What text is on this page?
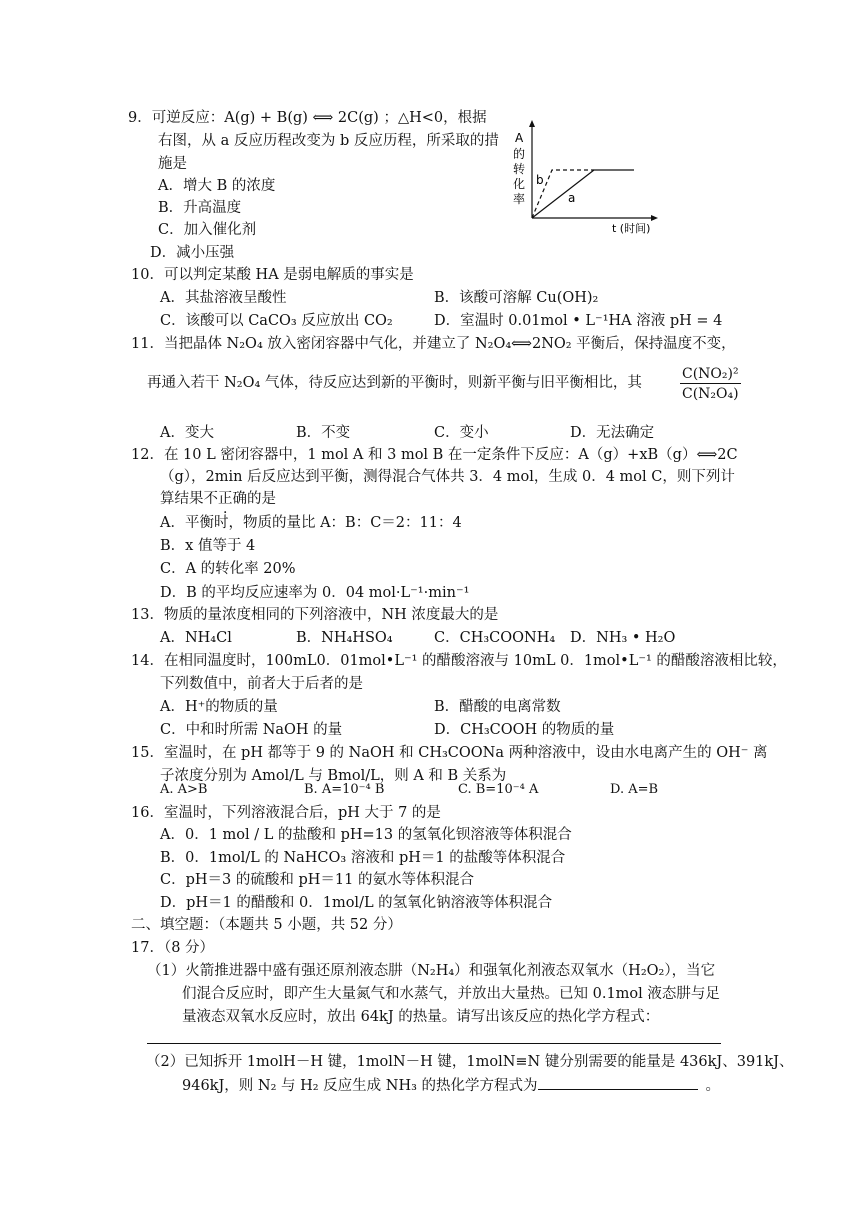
9．可逆反应：A(g) + B(g) ⟺ 2C(g) ；△H<0，根据
右图，从 a 反应历程改变为 b 反应历程，所采取的措
施是
A．增大 B 的浓度
B．升高温度
C．加入催化剂
D．减小压强
A
的
转
化
率
b
a
t (时间)
10．可以判定某酸 HA 是弱电解质的事实是
A．其盐溶液呈酸性	B．该酸可溶解 Cu(OH)₂
C．该酸可以 CaCO₃ 反应放出 CO₂	D．室温时 0.01mol • L⁻¹HA 溶液 pH = 4
11．当把晶体 N₂O₄ 放入密闭容器中气化，并建立了 N₂O₄⟺2NO₂ 平衡后，保持温度不变，
再通入若干 N₂O₄ 气体，待反应达到新的平衡时，则新平衡与旧平衡相比，其	$\frac{\text{C(NO₂)²}}{\text{C(N₂O₄)}}$
A．变大	B．不变	C．变小	D．无法确定
12．在 10 L 密闭容器中，1 mol A 和 3 mol B 在一定条件下反应：A（g）+xB（g）⟺2C
（g），2min 后反应达到平衡，测得混合气体共 3．4 mol，生成 0．4 mol C，则下列计
算结果不正确的是
A．平衡时，物质的量比 A：B：C＝2：11：4
B．x 值等于 4
C．A 的转化率 20%
D．B 的平均反应速率为 0．04 mol·L⁻¹·min⁻¹
13．物质的量浓度相同的下列溶液中，NH 浓度最大的是
A．NH₄Cl	B．NH₄HSO₄	C．CH₃COONH₄ D．NH₃ • H₂O
14．在相同温度时，100mL0．01mol•L⁻¹ 的醋酸溶液与 10mL 0．1mol•L⁻¹ 的醋酸溶液相比较，
下列数值中，前者大于后者的是
A．H⁺的物质的量	B．醋酸的电离常数
C．中和时所需 NaOH 的量	D．CH₃COOH 的物质的量
15．室温时，在 pH 都等于 9 的 NaOH 和 CH₃COONa 两种溶液中，设由水电离产生的 OH⁻ 离
子浓度分别为 Amol/L 与 Bmol/L，则 A 和 B 关系为
A. A>B	B. A=10⁻⁴ B	C. B=10⁻⁴ A	D. A=B
16．室温时，下列溶液混合后，pH 大于 7 的是
A．0．1 mol / L 的盐酸和 pH=13 的氢氧化钡溶液等体积混合
B．0．1mol/L 的 NaHCO₃ 溶液和 pH＝1 的盐酸等体积混合
C．pH＝3 的硫酸和 pH＝11 的氨水等体积混合
D．pH＝1 的醋酸和 0．1mol/L 的氢氧化钠溶液等体积混合
二、填空题：（本题共 5 小题，共 52 分）
17．（8 分）
（1）火箭推进器中盛有强还原剂液态肼（N₂H₄）和强氧化剂液态双氧水（H₂O₂），当它
们混合反应时，即产生大量氮气和水蒸气，并放出大量热。已知 0.1mol 液态肼与足
量液态双氧水反应时，放出 64kJ 的热量。请写出该反应的热化学方程式：
（2）已知拆开 1molH－H 键，1molN－H 键，1molN≡N 键分别需要的能量是 436kJ、391kJ、
946kJ，则 N₂ 与 H₂ 反应生成 NH₃ 的热化学方程式为	。
